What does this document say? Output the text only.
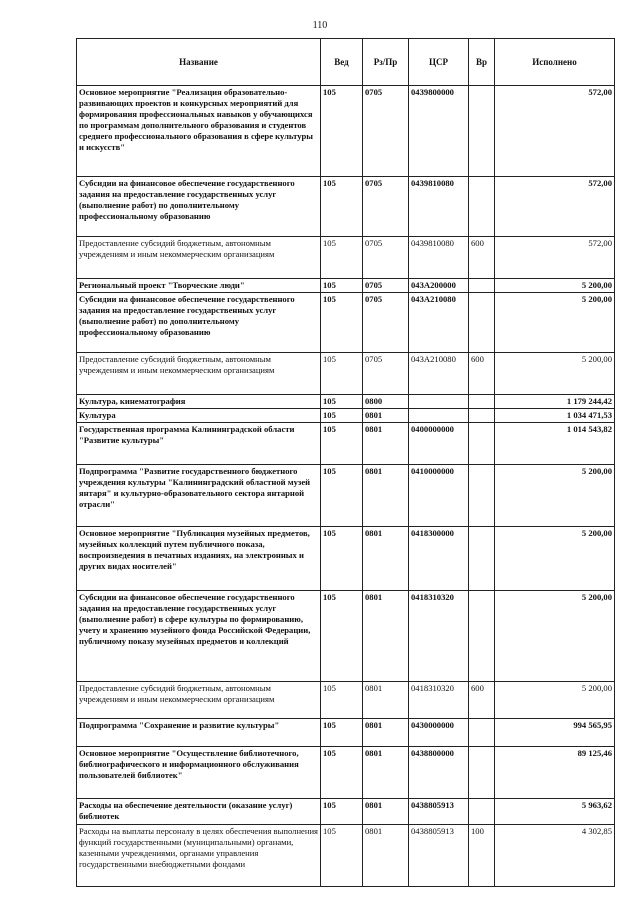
110
Название	Вед	Рз/Пр	ЦСР	Вр	Исполнено
Основное мероприятие "Реализация образовательно-развивающих проектов и конкурсных мероприятий для формирования профессиональных навыков у обучающихся по программам дополнительного образования и студентов среднего профессионального образования в сфере культуры и искусств"	105	0705	0439800000		572,00
Субсидии на финансовое обеспечение государственного задания на предоставление государственных услуг (выполнение работ) по дополнительному профессиональному образованию	105	0705	0439810080		572,00
Предоставление субсидий бюджетным, автономным учреждениям и иным некоммерческим организациям	105	0705	0439810080	600	572,00
Региональный проект "Творческие люди"	105	0705	043A200000		5 200,00
Субсидии на финансовое обеспечение государственного задания на предоставление государственных услуг (выполнение работ) по дополнительному профессиональному образованию	105	0705	043A210080		5 200,00
Предоставление субсидий бюджетным, автономным учреждениям и иным некоммерческим организациям	105	0705	043A210080	600	5 200,00
Культура, кинематография	105	0800			1 179 244,42
Культура	105	0801			1 034 471,53
Государственная программа Калининградской области "Развитие культуры"	105	0801	0400000000		1 014 543,82
Подпрограмма "Развитие государственного бюджетного учреждения культуры "Калининградский областной музей янтаря" и культурно-образовательного сектора янтарной отрасли"	105	0801	0410000000		5 200,00
Основное мероприятие "Публикация музейных предметов, музейных коллекций путем публичного показа, воспроизведения в печатных изданиях, на электронных и других видах носителей"	105	0801	0418300000		5 200,00
Субсидии на финансовое обеспечение государственного задания на предоставление государственных услуг (выполнение работ) в сфере культуры по формированию, учету и хранению музейного фонда Российской Федерации, публичному показу музейных предметов и коллекций	105	0801	0418310320		5 200,00
Предоставление субсидий бюджетным, автономным учреждениям и иным некоммерческим организациям	105	0801	0418310320	600	5 200,00
Подпрограмма "Сохранение и развитие культуры"	105	0801	0430000000		994 565,95
Основное мероприятие "Осуществление библиотечного, библиографического и информационного обслуживания пользователей библиотек"	105	0801	0438800000		89 125,46
Расходы на обеспечение деятельности (оказание услуг) библиотек	105	0801	0438805913		5 963,62
Расходы на выплаты персоналу в целях обеспечения выполнения функций государственными (муниципальными) органами, казенными учреждениями, органами управления государственными внебюджетными фондами	105	0801	0438805913	100	4 302,85
